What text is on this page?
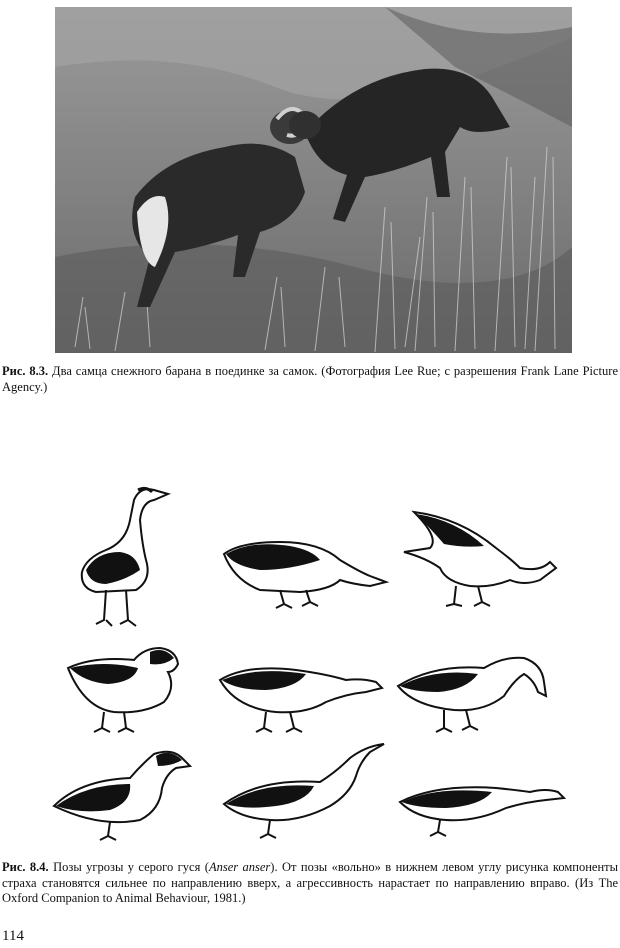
Рис. 8.3. Два самца снежного барана в поединке за самок. (Фотография Lee Rue; с разрешения Frank Lane Picture Agency.)
Рис. 8.4. Позы угрозы у серого гуся (Anser anser). От позы «вольно» в нижнем левом углу рисунка компоненты страха становятся сильнее по направлению вверх, а агрессивность нарастает по направлению вправо. (Из The Oxford Companion to Animal Behaviour, 1981.)
114
